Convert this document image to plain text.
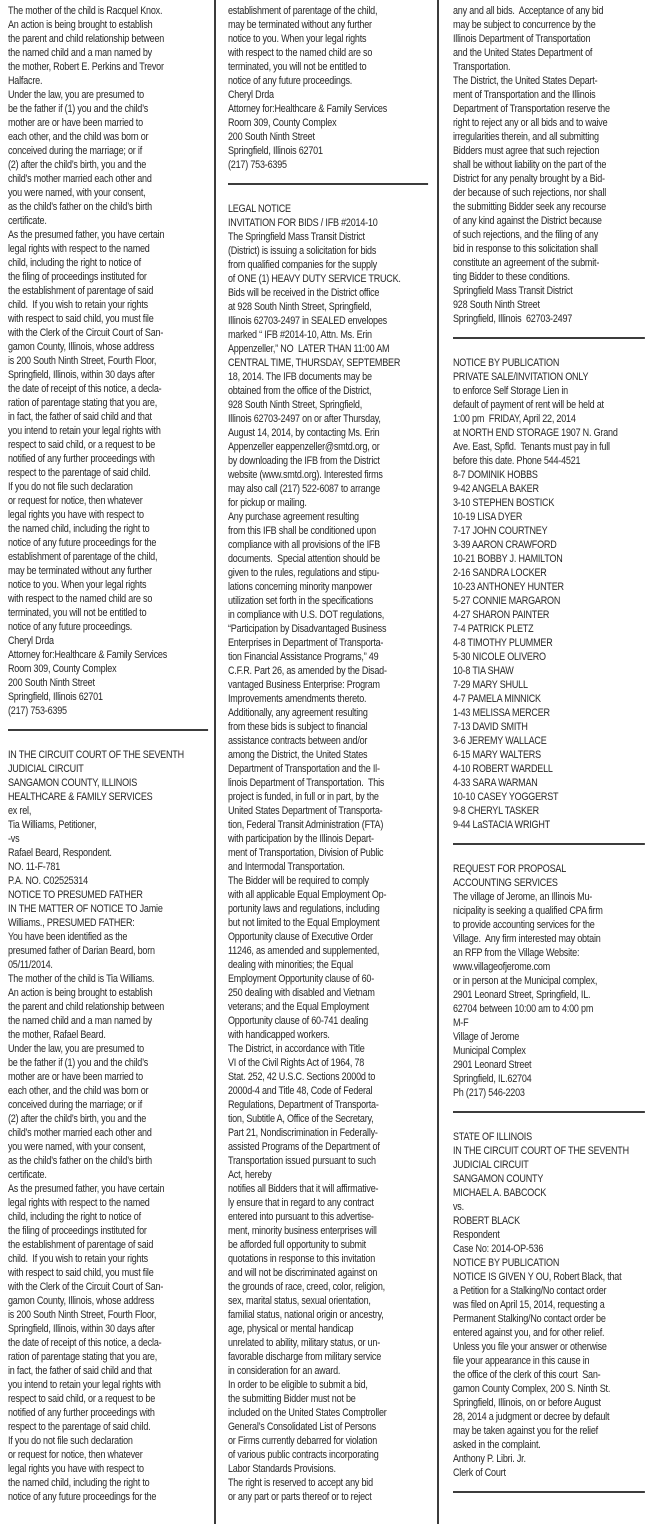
The mother of the child is Racquel Knox.
An action is being brought to establish
the parent and child relationship between
the named child and a man named by
the mother, Robert E. Perkins and Trevor
Halfacre.
Under the law, you are presumed to
be the father if (1) you and the child’s
mother are or have been married to
each other, and the child was born or
conceived during the marriage; or if
(2) after the child’s birth, you and the
child’s mother married each other and
you were named, with your consent,
as the child’s father on the child’s birth
certificate.
As the presumed father, you have certain
legal rights with respect to the named
child, including the right to notice of
the filing of proceedings instituted for
the establishment of parentage of said
child.  If you wish to retain your rights
with respect to said child, you must file
with the Clerk of the Circuit Court of San-
gamon County, Illinois, whose address
is 200 South Ninth Street, Fourth Floor,
Springfield, Illinois, within 30 days after
the date of receipt of this notice, a decla-
ration of parentage stating that you are,
in fact, the father of said child and that
you intend to retain your legal rights with
respect to said child, or a request to be
notified of any further proceedings with
respect to the parentage of said child.
If you do not file such declaration
or request for notice, then whatever
legal rights you have with respect to
the named child, including the right to
notice of any future proceedings for the
establishment of parentage of the child,
may be terminated without any further
notice to you. When your legal rights
with respect to the named child are so
terminated, you will not be entitled to
notice of any future proceedings.
Cheryl Drda
Attorney for:Healthcare & Family Services
Room 309, County Complex
200 South Ninth Street
Springfield, Illinois 62701
(217) 753-6395
IN THE CIRCUIT COURT OF THE SEVENTH
JUDICIAL CIRCUIT
SANGAMON COUNTY, ILLINOIS
HEALTHCARE & FAMILY SERVICES
ex rel,
Tia Williams, Petitioner,
-vs
Rafael Beard, Respondent.
NO. 11-F-781
P.A. NO. C02525314
NOTICE TO PRESUMED FATHER
IN THE MATTER OF NOTICE TO Jamie
Williams., PRESUMED FATHER:
You have been identified as the
presumed father of Darian Beard, born
05/11/2014.
The mother of the child is Tia Williams.
An action is being brought to establish
the parent and child relationship between
the named child and a man named by
the mother, Rafael Beard.
Under the law, you are presumed to
be the father if (1) you and the child’s
mother are or have been married to
each other, and the child was born or
conceived during the marriage; or if
(2) after the child’s birth, you and the
child’s mother married each other and
you were named, with your consent,
as the child’s father on the child’s birth
certificate.
As the presumed father, you have certain
legal rights with respect to the named
child, including the right to notice of
the filing of proceedings instituted for
the establishment of parentage of said
child.  If you wish to retain your rights
with respect to said child, you must file
with the Clerk of the Circuit Court of San-
gamon County, Illinois, whose address
is 200 South Ninth Street, Fourth Floor,
Springfield, Illinois, within 30 days after
the date of receipt of this notice, a decla-
ration of parentage stating that you are,
in fact, the father of said child and that
you intend to retain your legal rights with
respect to said child, or a request to be
notified of any further proceedings with
respect to the parentage of said child.
If you do not file such declaration
or request for notice, then whatever
legal rights you have with respect to
the named child, including the right to
notice of any future proceedings for the
establishment of parentage of the child,
may be terminated without any further
notice to you. When your legal rights
with respect to the named child are so
terminated, you will not be entitled to
notice of any future proceedings.
Cheryl Drda
Attorney for:Healthcare & Family Services
Room 309, County Complex
200 South Ninth Street
Springfield, Illinois 62701
(217) 753-6395
LEGAL NOTICE
INVITATION FOR BIDS / IFB #2014-10
The Springfield Mass Transit District
(District) is issuing a solicitation for bids
from qualified companies for the supply
of ONE (1) HEAVY DUTY SERVICE TRUCK.
Bids will be received in the District office
at 928 South Ninth Street, Springfield,
Illinois 62703-2497 in SEALED envelopes
marked “ IFB #2014-10, Attn. Ms. Erin
Appenzeller,” NO  LATER THAN 11:00 AM
CENTRAL TIME, THURSDAY, SEPTEMBER
18, 2014. The IFB documents may be
obtained from the office of the District,
928 South Ninth Street, Springfield,
Illinois 62703-2497 on or after Thursday,
August 14, 2014, by contacting Ms. Erin
Appenzeller eappenzeller@smtd.org, or
by downloading the IFB from the District
website (www.smtd.org). Interested firms
may also call (217) 522-6087 to arrange
for pickup or mailing.
Any purchase agreement resulting
from this IFB shall be conditioned upon
compliance with all provisions of the IFB
documents.  Special attention should be
given to the rules, regulations and stipu-
lations concerning minority manpower
utilization set forth in the specifications
in compliance with U.S. DOT regulations,
“Participation by Disadvantaged Business
Enterprises in Department of Transporta-
tion Financial Assistance Programs,” 49
C.F.R. Part 26, as amended by the Disad-
vantaged Business Enterprise: Program
Improvements amendments thereto.
Additionally, any agreement resulting
from these bids is subject to financial
assistance contracts between and/or
among the District, the United States
Department of Transportation and the Il-
linois Department of Transportation.  This
project is funded, in full or in part, by the
United States Department of Transporta-
tion, Federal Transit Administration (FTA)
with participation by the Illinois Depart-
ment of Transportation, Division of Public
and Intermodal Transportation.
The Bidder will be required to comply
with all applicable Equal Employment Op-
portunity laws and regulations, including
but not limited to the Equal Employment
Opportunity clause of Executive Order
11246, as amended and supplemented,
dealing with minorities; the Equal
Employment Opportunity clause of 60-
250 dealing with disabled and Vietnam
veterans; and the Equal Employment
Opportunity clause of 60-741 dealing
with handicapped workers.
The District, in accordance with Title
VI of the Civil Rights Act of 1964, 78
Stat. 252, 42 U.S.C. Sections 2000d to
2000d-4 and Title 48, Code of Federal
Regulations, Department of Transporta-
tion, Subtitle A, Office of the Secretary,
Part 21, Nondiscrimination in Federally-
assisted Programs of the Department of
Transportation issued pursuant to such
Act, hereby
notifies all Bidders that it will affirmative-
ly ensure that in regard to any contract
entered into pursuant to this advertise-
ment, minority business enterprises will
be afforded full opportunity to submit
quotations in response to this invitation
and will not be discriminated against on
the grounds of race, creed, color, religion,
sex, marital status, sexual orientation,
familial status, national origin or ancestry,
age, physical or mental handicap
unrelated to ability, military status, or un-
favorable discharge from military service
in consideration for an award.
In order to be eligible to submit a bid,
the submitting Bidder must not be
included on the United States Comptroller
General’s Consolidated List of Persons
or Firms currently debarred for violation
of various public contracts incorporating
Labor Standards Provisions.
The right is reserved to accept any bid
or any part or parts thereof or to reject
any and all bids.  Acceptance of any bid
may be subject to concurrence by the
Illinois Department of Transportation
and the United States Department of
Transportation.
The District, the United States Depart-
ment of Transportation and the Illinois
Department of Transportation reserve the
right to reject any or all bids and to waive
irregularities therein, and all submitting
Bidders must agree that such rejection
shall be without liability on the part of the
District for any penalty brought by a Bid-
der because of such rejections, nor shall
the submitting Bidder seek any recourse
of any kind against the District because
of such rejections, and the filing of any
bid in response to this solicitation shall
constitute an agreement of the submit-
ting Bidder to these conditions.
Springfield Mass Transit District
928 South Ninth Street
Springfield, Illinois  62703-2497
NOTICE BY PUBLICATION
PRIVATE SALE/INVITATION ONLY
to enforce Self Storage Lien in
default of payment of rent will be held at
1:00 pm  FRIDAY, April 22, 2014
at NORTH END STORAGE 1907 N. Grand
Ave. East, Spfld.  Tenants must pay in full
before this date. Phone 544-4521
8-7 DOMINIK HOBBS
9-42 ANGELA BAKER
3-10 STEPHEN BOSTICK
10-19 LISA DYER
7-17 JOHN COURTNEY
3-39 AARON CRAWFORD
10-21 BOBBY J. HAMILTON
2-16 SANDRA LOCKER
10-23 ANTHONEY HUNTER
5-27 CONNIE MARGARON
4-27 SHARON PAINTER
7-4 PATRICK PLETZ
4-8 TIMOTHY PLUMMER
5-30 NICOLE OLIVERO
10-8 TIA SHAW
7-29 MARY SHULL
4-7 PAMELA MINNICK
1-43 MELISSA MERCER
7-13 DAVID SMITH
3-6 JEREMY WALLACE
6-15 MARY WALTERS
4-10 ROBERT WARDELL
4-33 SARA WARMAN
10-10 CASEY YOGGERST
9-8 CHERYL TASKER
9-44 LaSTACIA WRIGHT
REQUEST FOR PROPOSAL
ACCOUNTING SERVICES
The village of Jerome, an Illinois Mu-
nicipality is seeking a qualified CPA firm
to provide accounting services for the
Village.  Any firm interested may obtain
an RFP from the Village Website:
www.villageofjerome.com
or in person at the Municipal complex,
2901 Leonard Street, Springfield, IL.
62704 between 10:00 am to 4:00 pm
M-F
Village of Jerome
Municipal Complex
2901 Leonard Street
Springfield, IL.62704
Ph (217) 546-2203
STATE OF ILLINOIS
IN THE CIRCUIT COURT OF THE SEVENTH
JUDICIAL CIRCUIT
SANGAMON COUNTY
MICHAEL A. BABCOCK
vs.
ROBERT BLACK
Respondent
Case No: 2014-OP-536
NOTICE BY PUBLICATION
NOTICE IS GIVEN Y OU, Robert Black, that
a Petition for a Stalking/No contact order
was filed on April 15, 2014, requesting a
Permanent Stalking/No contact order be
entered against you, and for other relief.
Unless you file your answer or otherwise
file your appearance in this cause in
the office of the clerk of this court  San-
gamon County Complex, 200 S. Ninth St.
Springfield, Illinois, on or before August
28, 2014 a judgment or decree by default
may be taken against you for the relief
asked in the complaint.
Anthony P. Libri. Jr.
Clerk of Court
